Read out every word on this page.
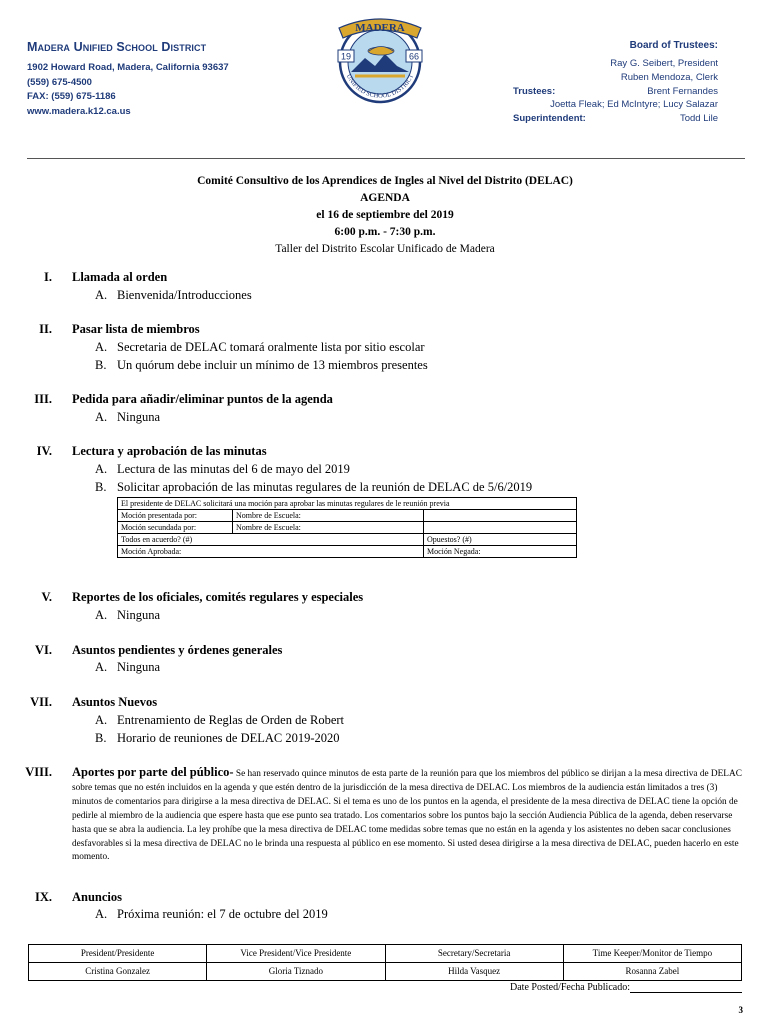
Madera Unified School District
1902 Howard Road, Madera, California 93637
(559) 675-4500
FAX: (559) 675-1186
www.madera.k12.ca.us
19	66
MADERA
UNIFIED SCHOOL DISTRICT
Board of Trustees:
Ray G. Seibert, President
Ruben Mendoza, Clerk
Trustees:	Brent Fernandes
Joetta Fleak; Ed McIntyre; Lucy Salazar
Superintendent:	Todd Lile
Comité Consultivo de los Aprendices de Ingles al Nivel del Distrito (DELAC)
AGENDA
el 16 de septiembre del 2019
6:00 p.m. - 7:30 p.m.
Taller del Distrito Escolar Unificado de Madera
I. Llamada al orden
A. Bienvenida/Introducciones
II. Pasar lista de miembros
A. Secretaria de DELAC tomará oralmente lista por sitio escolar
B. Un quórum debe incluir un mínimo de 13 miembros presentes
III. Pedida para añadir/eliminar puntos de la agenda
A. Ninguna
IV. Lectura y aprobación de las minutas
A. Lectura de las minutas del 6 de mayo del 2019
B. Solicitar aprobación de las minutas regulares de la reunión de DELAC de 5/6/2019
El presidente de DELAC solicitará una moción para aprobar las minutas regulares de le reunión previa		
Moción presentada por:	Nombre de Escuela:	
Moción secundada por:	Nombre de Escuela:	
Todos en acuerdo? (#)		Opuestos? (#)
Moción Aprobada:		Moción Negada:
V. Reportes de los oficiales, comités regulares y especiales
A. Ninguna
VI. Asuntos pendientes y órdenes generales
A. Ninguna
VII. Asuntos Nuevos
A. Entrenamiento de Reglas de Orden de Robert
B. Horario de reuniones de DELAC 2019-2020
VIII. Aportes por parte del público- Se han reservado quince minutos de esta parte de la reunión para que los miembros del público se dirijan a la mesa directiva de DELAC sobre temas que no estén incluidos en la agenda y que estén dentro de la jurisdicción de la mesa directiva de DELAC. Los miembros de la audiencia están limitados a tres (3) minutos de comentarios para dirigirse a la mesa directiva de DELAC. Si el tema es uno de los puntos en la agenda, el presidente de la mesa directiva de DELAC tiene la opción de pedirle al miembro de la audiencia que espere hasta que ese punto sea tratado. Los comentarios sobre los puntos bajo la sección Audiencia Pública de la agenda, deben reservarse hasta que se abra la audiencia. La ley prohíbe que la mesa directiva de DELAC tome medidas sobre temas que no están en la agenda y los asistentes no deben sacar conclusiones desfavorables si la mesa directiva de DELAC no le brinda una respuesta al público en ese momento. Si usted desea dirigirse a la mesa directiva de DELAC, pueden hacerlo en este momento.
IX. Anuncios
A. Próxima reunión: el 7 de octubre del 2019
President/Presidente	Vice President/Vice Presidente	Secretary/Secretaria	Time Keeper/Monitor de Tiempo
Cristina Gonzalez	Gloria Tiznado	Hilda Vasquez	Rosanna Zabel
Date Posted/Fecha Publicado:
3
